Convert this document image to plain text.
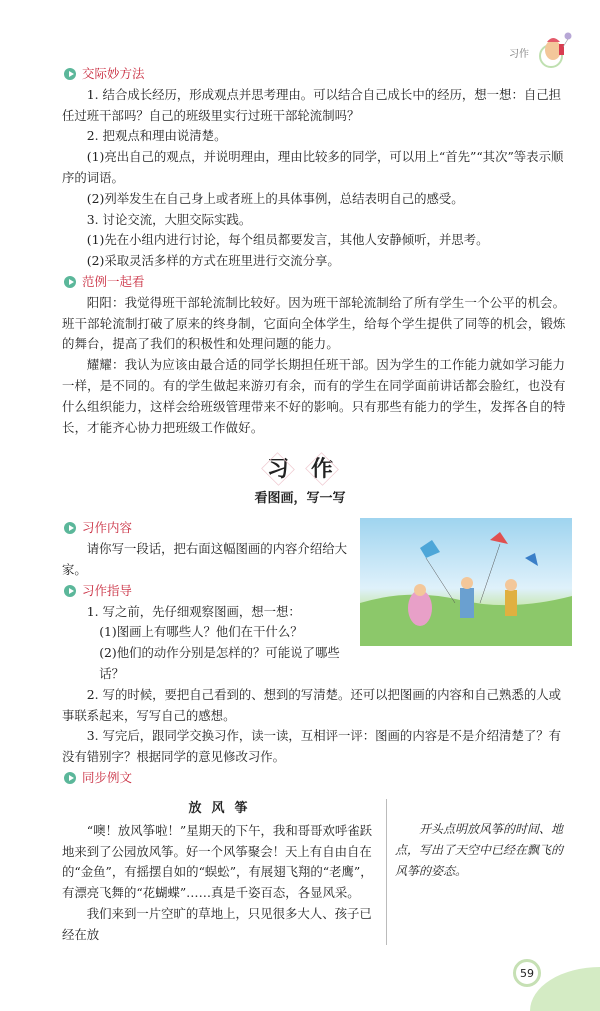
习作
交际妙方法
1. 结合成长经历，形成观点并思考理由。可以结合自己成长中的经历，想一想：自己担任过班干部吗？自己的班级里实行过班干部轮流制吗？
2. 把观点和理由说清楚。
(1)亮出自己的观点，并说明理由，理由比较多的同学，可以用上“首先”“其次”等表示顺序的词语。
(2)列举发生在自己身上或者班上的具体事例，总结表明自己的感受。
3. 讨论交流，大胆交际实践。
(1)先在小组内进行讨论，每个组员都要发言，其他人安静倾听，并思考。
(2)采取灵活多样的方式在班里进行交流分享。
范例一起看
阳阳：我觉得班干部轮流制比较好。因为班干部轮流制给了所有学生一个公平的机会。班干部轮流制打破了原来的终身制，它面向全体学生，给每个学生提供了同等的机会，锻炼的舞台，提高了我们的积极性和处理问题的能力。
耀耀：我认为应该由最合适的同学长期担任班干部。因为学生的工作能力就如学习能力一样，是不同的。有的学生做起来游刃有余，而有的学生在同学面前讲话都会脸红，也没有什么组织能力，这样会给班级管理带来不好的影响。只有那些有能力的学生，发挥各自的特长，才能齐心协力把班级工作做好。
习 作
看图画，写一写
习作内容
请你写一段话，把右面这幅图画的内容介绍给大家。
习作指导
1. 写之前，先仔细观察图画，想一想：
(1)图画上有哪些人？他们在干什么？
(2)他们的动作分别是怎样的？可能说了哪些话？
2. 写的时候，要把自己看到的、想到的写清楚。还可以把图画的内容和自己熟悉的人或事联系起来，写写自己的感想。
3. 写完后，跟同学交换习作，读一读，互相评一评：图画的内容是不是介绍清楚了？有没有错别字？根据同学的意见修改习作。
同步例文
放风筝
“噢！放风筝啦！”星期天的下午，我和哥哥欢呼雀跃地来到了公园放风筝。好一个风筝聚会！天上有自由自在的“金鱼”，有摇摆自如的“蜈蚣”，有展翅飞翔的“老鹰”，有漂亮飞舞的“花蝴蝶”……真是千姿百态，各显风采。
我们来到一片空旷的草地上，只见很多大人、孩子已经在放
开头点明放风筝的时间、地点，写出了天空中已经在飘飞的风筝的姿态。
59
